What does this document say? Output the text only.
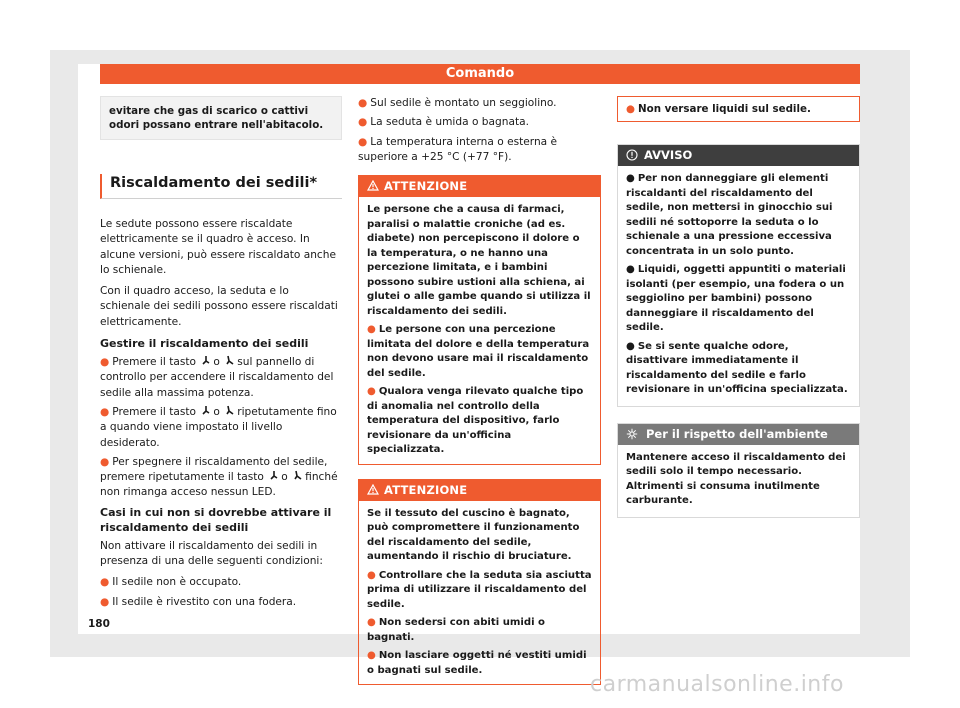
Comando
evitare che gas di scarico o cattivi odori possano entrare nell'abitacolo.
Riscaldamento dei sedili*

Le sedute possono essere riscaldate elettricamente se il quadro è acceso. In alcune versioni, può essere riscaldato anche lo schienale.

Con il quadro acceso, la seduta e lo schienale dei sedili possono essere riscaldati elettricamente.

Gestire il riscaldamento dei sedili

● Premere il tasto o sul pannello di controllo per accendere il riscaldamento del sedile alla massima potenza.

● Premere il tasto o ripetutamente fino a quando viene impostato il livello desiderato.

● Per spegnere il riscaldamento del sedile, premere ripetutamente il tasto o finché non rimanga acceso nessun LED.

Casi in cui non si dovrebbe attivare il riscaldamento dei sedili

Non attivare il riscaldamento dei sedili in presenza di una delle seguenti condizioni:

● Il sedile non è occupato.

● Il sedile è rivestito con una fodera.

● Sul sedile è montato un seggiolino.

● La seduta è umida o bagnata.

● La temperatura interna o esterna è superiore a +25 °C (+77 °F).

ATTENZIONE

Le persone che a causa di farmaci, paralisi o malattie croniche (ad es. diabete) non percepiscono il dolore o la temperatura, o ne hanno una percezione limitata, e i bambini possono subire ustioni alla schiena, ai glutei o alle gambe quando si utilizza il riscaldamento dei sedili.

● Le persone con una percezione limitata del dolore e della temperatura non devono usare mai il riscaldamento del sedile.

● Qualora venga rilevato qualche tipo di anomalia nel controllo della temperatura del dispositivo, farlo revisionare da un'officina specializzata.

ATTENZIONE

Se il tessuto del cuscino è bagnato, può compromettere il funzionamento del riscaldamento del sedile, aumentando il rischio di bruciature.

● Controllare che la seduta sia asciutta prima di utilizzare il riscaldamento del sedile.

● Non sedersi con abiti umidi o bagnati.

● Non lasciare oggetti né vestiti umidi o bagnati sul sedile.

● Non versare liquidi sul sedile.
AVVISO

● Per non danneggiare gli elementi riscaldanti del riscaldamento del sedile, non mettersi in ginocchio sui sedili né sottoporre la seduta o lo schienale a una pressione eccessiva concentrata in un solo punto.

● Liquidi, oggetti appuntiti o materiali isolanti (per esempio, una fodera o un seggiolino per bambini) possono danneggiare il riscaldamento del sedile.

● Se si sente qualche odore, disattivare immediatamente il riscaldamento del sedile e farlo revisionare in un'officina specializzata.

Per il rispetto dell'ambiente
Mantenere acceso il riscaldamento dei sedili solo il tempo necessario. Altrimenti si consuma inutilmente carburante.
180
carmanualsonline.info
